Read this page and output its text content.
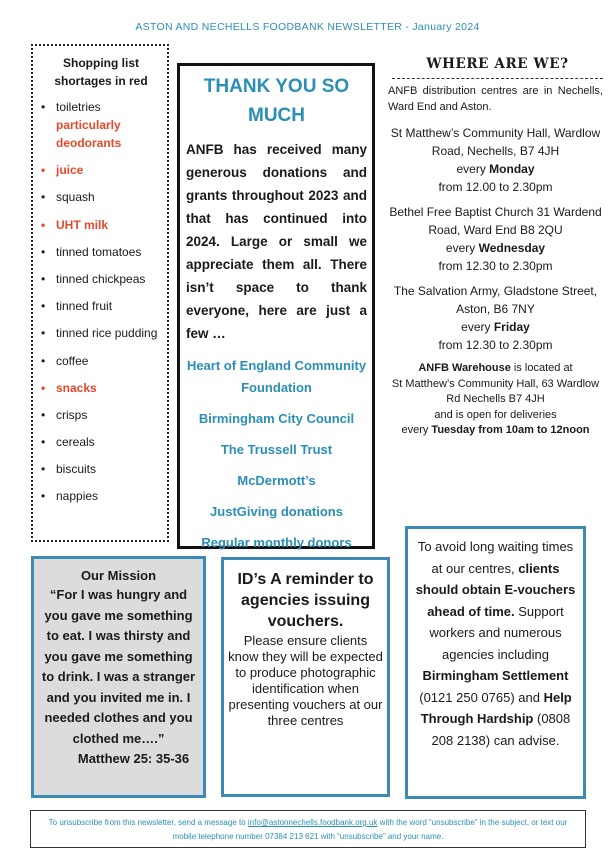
ASTON AND NECHELLS FOODBANK NEWSLETTER - January 2024
Shopping list
shortages in red
• toiletries
particularly deodorants
• juice
• squash
• UHT milk
• tinned tomatoes
• tinned chickpeas
• tinned fruit
• tinned rice pudding
• coffee
• snacks
• crisps
• cereals
• biscuits
• nappies
THANK YOU SO MUCH
ANFB has received many generous donations and grants throughout 2023 and that has continued into 2024. Large or small we appreciate them all. There isn’t space to thank everyone, here are just a few …
Heart of England Community Foundation
Birmingham City Council
The Trussell Trust
McDermott’s
JustGiving donations
Regular monthly donors
WHERE ARE WE?
ANFB distribution centres are in Nechells, Ward End and Aston.
St Matthew’s Community Hall, Wardlow Road, Nechells, B7 4JH
every Monday
from 12.00 to 2.30pm
Bethel Free Baptist Church 31 Wardend Road, Ward End B8 2QU
every Wednesday
from 12.30 to 2.30pm
The Salvation Army, Gladstone Street, Aston, B6 7NY
every Friday
from 12.30 to 2.30pm
ANFB Warehouse is located at
St Matthew’s Community Hall, 63 Wardlow Rd Nechells B7 4JH
and is open for deliveries
every Tuesday from 10am to 12noon
Our Mission
“For I was hungry and you gave me something to eat. I was thirsty and you gave me something to drink. I was a stranger and you invited me in. I needed clothes and you clothed me….”
Matthew 25: 35-36
ID’s A reminder to agencies issuing vouchers.
Please ensure clients know they will be expected to produce photographic identification when presenting vouchers at our three centres
To avoid long waiting times at our centres, clients should obtain E-vouchers ahead of time. Support workers and numerous agencies including Birmingham Settlement (0121 250 0765) and Help Through Hardship (0808 208 2138) can advise.
To unsubscribe from this newsletter, send a message to info@astonnechells.foodbank.org.uk with the word “unsubscribe” in the subject, or text our mobile telephone number 07384 213 621 with “unsubscribe” and your name.
